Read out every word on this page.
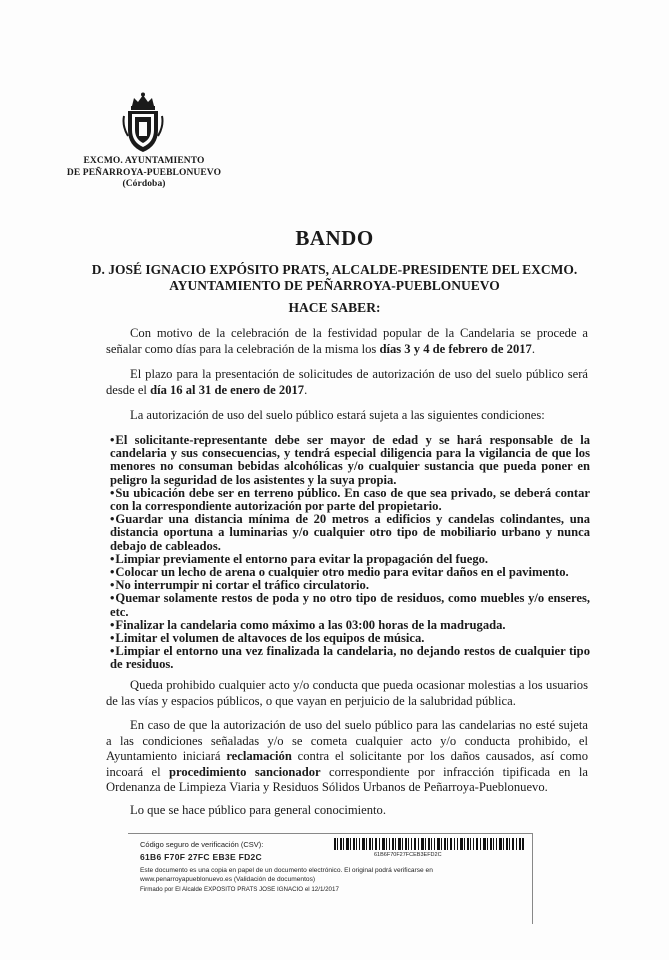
EXCMO. AYUNTAMIENTO
DE PEÑARROYA-PUEBLONUEVO
(Córdoba)
BANDO
D. JOSÉ IGNACIO EXPÓSITO PRATS, ALCALDE-PRESIDENTE DEL EXCMO.
AYUNTAMIENTO DE PEÑARROYA-PUEBLONUEVO
HACE SABER:
Con motivo de la celebración de la festividad popular de la Candelaria se procede a señalar como días para la celebración de la misma los días 3 y 4 de febrero de 2017.
El plazo para la presentación de solicitudes de autorización de uso del suelo público será desde el día 16 al 31 de enero de 2017.
La autorización de uso del suelo público estará sujeta a las siguientes condiciones:
•El solicitante-representante debe ser mayor de edad y se hará responsable de la candelaria y sus consecuencias, y tendrá especial diligencia para la vigilancia de que los menores no consuman bebidas alcohólicas y/o cualquier sustancia que pueda poner en peligro la seguridad de los asistentes y la suya propia.
•Su ubicación debe ser en terreno público. En caso de que sea privado, se deberá contar con la correspondiente autorización por parte del propietario.
•Guardar una distancia mínima de 20 metros a edificios y candelas colindantes, una distancia oportuna a luminarias y/o cualquier otro tipo de mobiliario urbano y nunca debajo de cableados.
•Limpiar previamente el entorno para evitar la propagación del fuego.
•Colocar un lecho de arena o cualquier otro medio para evitar daños en el pavimento.
•No interrumpir ni cortar el tráfico circulatorio.
•Quemar solamente restos de poda y no otro tipo de residuos, como muebles y/o enseres, etc.
•Finalizar la candelaria como máximo a las 03:00 horas de la madrugada.
•Limitar el volumen de altavoces de los equipos de música.
•Limpiar el entorno una vez finalizada la candelaria, no dejando restos de cualquier tipo de residuos.
Queda prohibido cualquier acto y/o conducta que pueda ocasionar molestias a los usuarios de las vías y espacios públicos, o que vayan en perjuicio de la salubridad pública.
En caso de que la autorización de uso del suelo público para las candelarias no esté sujeta a las condiciones señaladas y/o se cometa cualquier acto y/o conducta prohibido, el Ayuntamiento iniciará reclamación contra el solicitante por los daños causados, así como incoará el procedimiento sancionador correspondiente por infracción tipificada en la Ordenanza de Limpieza Viaria y Residuos Sólidos Urbanos de Peñarroya-Pueblonuevo.
Lo que se hace público para general conocimiento.
Código seguro de verificación (CSV):
61B6 F70F 27FC EB3E FD2C	61B6F70F27FCEB3EFD2C
Este documento es una copia en papel de un documento electrónico. El original podrá verificarse en
www.penarroyapueblonuevo.es (Validación de documentos)
Firmado por El Alcalde EXPOSITO PRATS JOSE IGNACIO el 12/1/2017
